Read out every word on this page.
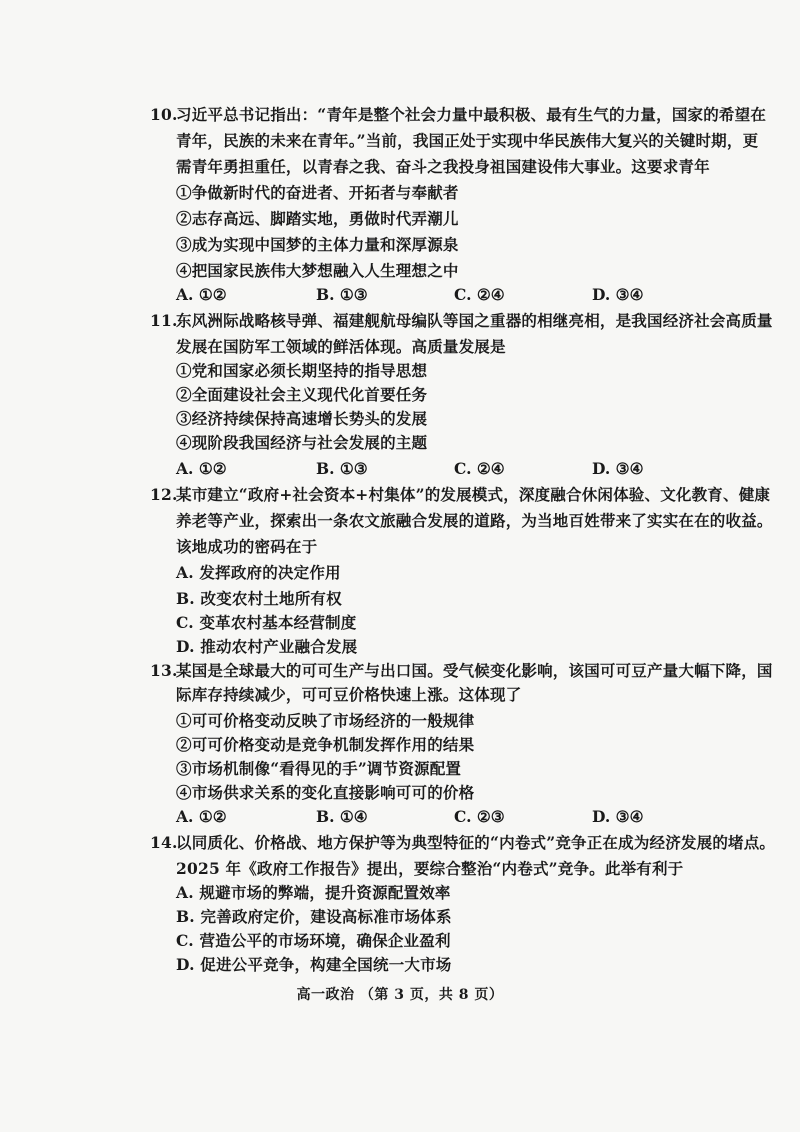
10.习近平总书记指出：“青年是整个社会力量中最积极、最有生气的力量，国家的希望在
青年，民族的未来在青年。”当前，我国正处于实现中华民族伟大复兴的关键时期，更
需青年勇担重任，以青春之我、奋斗之我投身祖国建设伟大事业。这要求青年
①争做新时代的奋进者、开拓者与奉献者
②志存高远、脚踏实地，勇做时代弄潮儿
③成为实现中国梦的主体力量和深厚源泉
④把国家民族伟大梦想融入人生理想之中
A. ①②	B. ①③	C. ②④	D. ③④
11.东风洲际战略核导弹、福建舰航母编队等国之重器的相继亮相，是我国经济社会高质量
发展在国防军工领域的鲜活体现。高质量发展是
①党和国家必须长期坚持的指导思想
②全面建设社会主义现代化首要任务
③经济持续保持高速增长势头的发展
④现阶段我国经济与社会发展的主题
A. ①②	B. ①③	C. ②④	D. ③④
12.某市建立“政府+社会资本+村集体”的发展模式，深度融合休闲体验、文化教育、健康
养老等产业，探索出一条农文旅融合发展的道路，为当地百姓带来了实实在在的收益。
该地成功的密码在于
A. 发挥政府的决定作用
B. 改变农村土地所有权
C. 变革农村基本经营制度
D. 推动农村产业融合发展
13.某国是全球最大的可可生产与出口国。受气候变化影响，该国可可豆产量大幅下降，国
际库存持续减少，可可豆价格快速上涨。这体现了
①可可价格变动反映了市场经济的一般规律
②可可价格变动是竞争机制发挥作用的结果
③市场机制像“看得见的手”调节资源配置
④市场供求关系的变化直接影响可可的价格
A. ①②	B. ①④	C. ②③	D. ③④
14.以同质化、价格战、地方保护等为典型特征的“内卷式”竞争正在成为经济发展的堵点。
2025 年《政府工作报告》提出，要综合整治“内卷式”竞争。此举有利于
A. 规避市场的弊端，提升资源配置效率
B. 完善政府定价，建设高标准市场体系
C. 营造公平的市场环境，确保企业盈利
D. 促进公平竞争，构建全国统一大市场
高一政治 （第 3 页，共 8 页）
